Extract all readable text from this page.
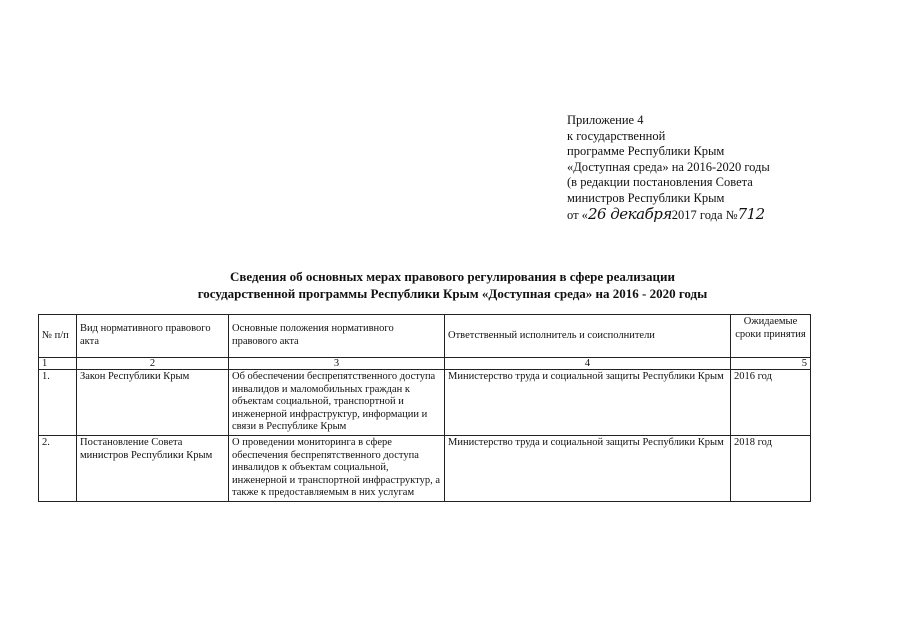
Приложение 4
к государственной
программе Республики Крым
«Доступная среда» на 2016-2020 годы
(в редакции постановления Совета
министров Республики Крым
от «26 декабря2017 года №712
Сведения об основных мерах правового регулирования в сфере реализации
государственной программы Республики Крым «Доступная среда» на 2016 - 2020 годы
№ п/п	Вид нормативного правового акта	Основные положения нормативного правового акта	Ответственный исполнитель и соисполнители	Ожидаемые сроки принятия
1	2	3	4	5
1.	Закон Республики Крым	Об обеспечении беспрепятственного доступа инвалидов и маломобильных граждан к объектам социальной, транспортной и инженерной инфраструктур, информации и связи в Республике Крым	Министерство труда и социальной защиты Республики Крым	2016 год
2.	Постановление Совета министров Республики Крым	О проведении мониторинга в сфере обеспечения беспрепятственного доступа инвалидов к объектам социальной, инженерной и транспортной инфраструктур, а также к предоставляемым в них услугам	Министерство труда и социальной защиты Республики Крым	2018 год
